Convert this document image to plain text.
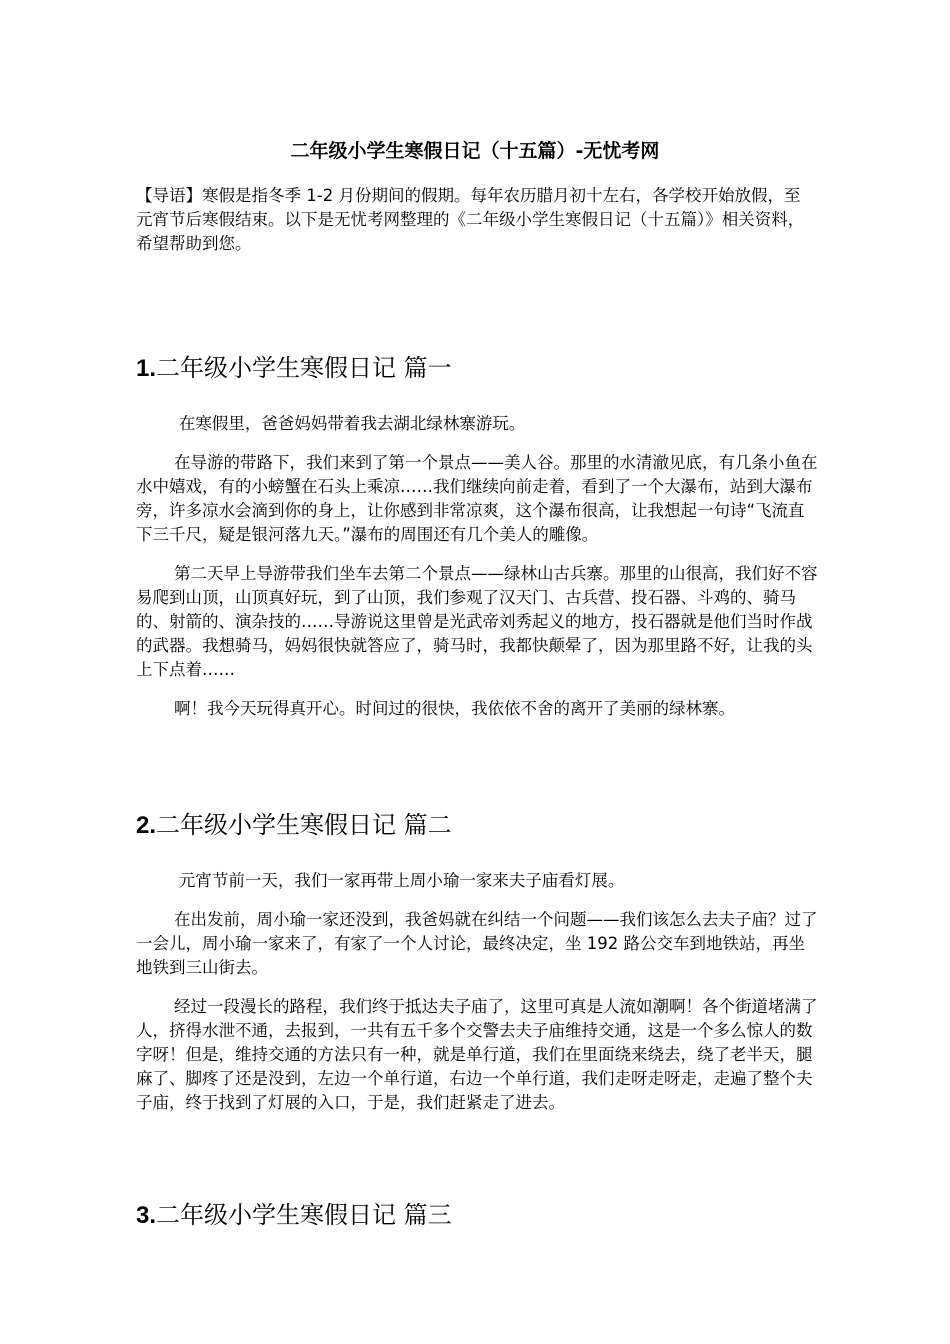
二年级小学生寒假日记（十五篇）-无忧考网

【导语】寒假是指冬季 1-2 月份期间的假期。每年农历腊月初十左右，各学校开始放假，至元宵节后寒假结束。以下是无忧考网整理的《二年级小学生寒假日记（十五篇）》相关资料，希望帮助到您。

1.二年级小学生寒假日记 篇一

在寒假里，爸爸妈妈带着我去湖北绿林寨游玩。

在导游的带路下，我们来到了第一个景点——美人谷。那里的水清澈见底，有几条小鱼在水中嬉戏，有的小螃蟹在石头上乘凉……我们继续向前走着，看到了一个大瀑布，站到大瀑布旁，许多凉水会滴到你的身上，让你感到非常凉爽，这个瀑布很高，让我想起一句诗“飞流直下三千尺，疑是银河落九天。”瀑布的周围还有几个美人的雕像。

第二天早上导游带我们坐车去第二个景点——绿林山古兵寨。那里的山很高，我们好不容易爬到山顶，山顶真好玩，到了山顶，我们参观了汉天门、古兵营、投石器、斗鸡的、骑马的、射箭的、演杂技的……导游说这里曾是光武帝刘秀起义的地方，投石器就是他们当时作战的武器。我想骑马，妈妈很快就答应了，骑马时，我都快颠晕了，因为那里路不好，让我的头上下点着……

啊！我今天玩得真开心。时间过的很快，我依依不舍的离开了美丽的绿林寨。

2.二年级小学生寒假日记 篇二

元宵节前一天，我们一家再带上周小瑜一家来夫子庙看灯展。

在出发前，周小瑜一家还没到，我爸妈就在纠结一个问题——我们该怎么去夫子庙？过了一会儿，周小瑜一家来了，有家了一个人讨论，最终决定，坐 192 路公交车到地铁站，再坐地铁到三山街去。

经过一段漫长的路程，我们终于抵达夫子庙了，这里可真是人流如潮啊！各个街道堵满了人，挤得水泄不通，去报到，一共有五千多个交警去夫子庙维持交通，这是一个多么惊人的数字呀！但是，维持交通的方法只有一种，就是单行道，我们在里面绕来绕去，绕了老半天，腿麻了、脚疼了还是没到，左边一个单行道，右边一个单行道，我们走呀走呀走，走遍了整个夫子庙，终于找到了灯展的入口，于是，我们赶紧走了进去。

3.二年级小学生寒假日记 篇三
